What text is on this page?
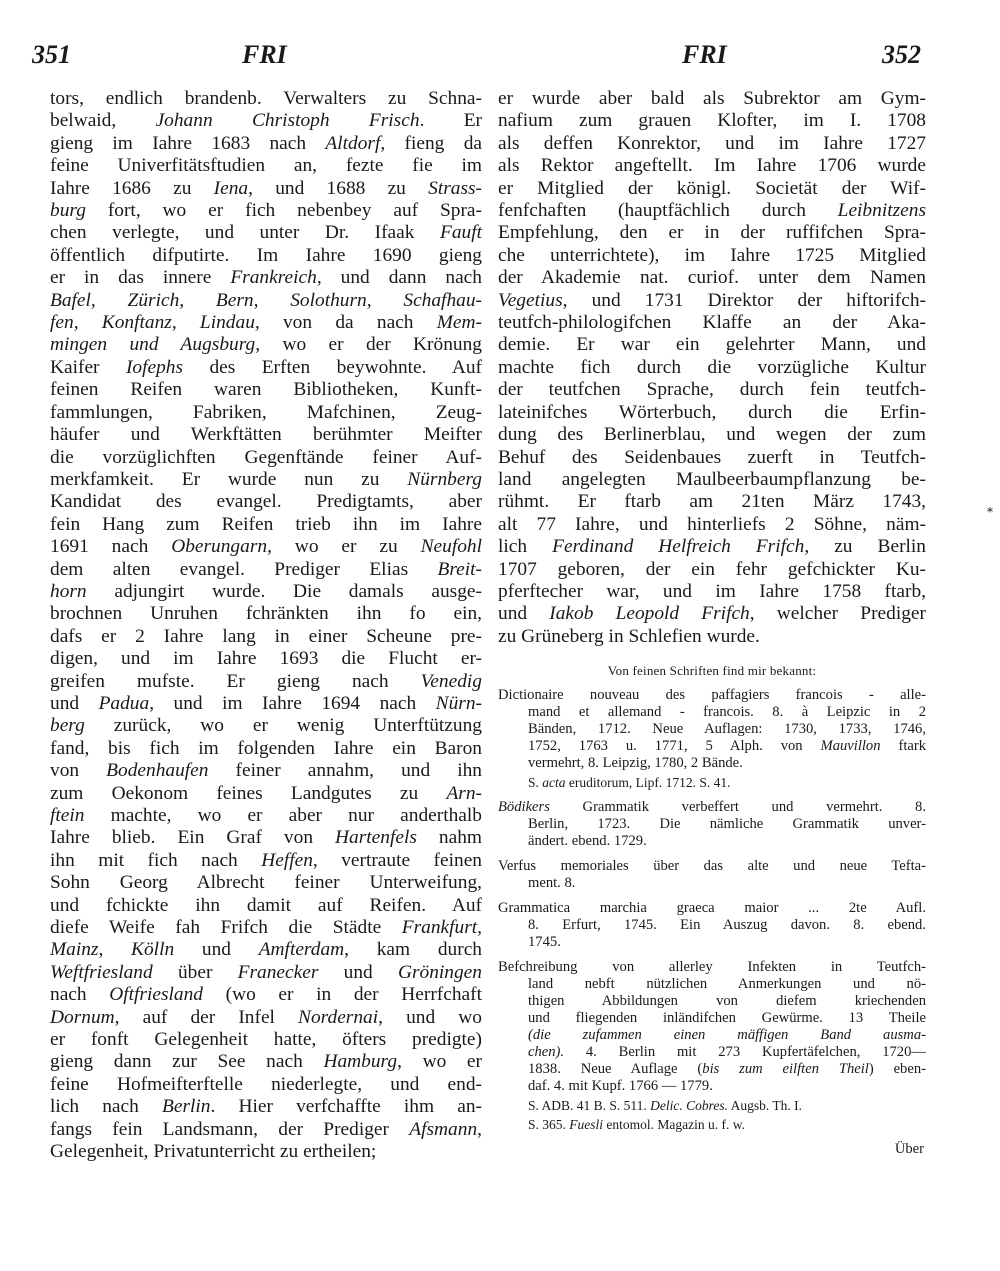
351	FRI	FRI	352
tors, endlich brandenb. Verwalters zu Schna-
belwaid, Johann Christoph Frisch. Er
gieng im Iahre 1683 nach Altdorf, fieng da
feine Univerfitätsftudien an, fezte fie im
Iahre 1686 zu Iena, und 1688 zu Strass-
burg fort, wo er fich nebenbey auf Spra-
chen verlegte, und unter Dr. Ifaak Fauft
öffentlich difputirte. Im Iahre 1690 gieng
er in das innere Frankreich, und dann nach
Bafel, Zürich, Bern, Solothurn, Schafhau-
fen, Konftanz, Lindau, von da nach Mem-
mingen und Augsburg, wo er der Krönung
Kaifer Iofephs des Erften beywohnte. Auf
feinen Reifen waren Bibliotheken, Kunft-
fammlungen, Fabriken, Mafchinen, Zeug-
häufer und Werkftätten berühmter Meifter
die vorzüglichften Gegenftände feiner Auf-
merkfamkeit. Er wurde nun zu Nürnberg
Kandidat des evangel. Predigtamts, aber
fein Hang zum Reifen trieb ihn im Iahre
1691 nach Oberungarn, wo er zu Neufohl
dem alten evangel. Prediger Elias Breit-
horn adjungirt wurde. Die damals ausge-
brochnen Unruhen fchränkten ihn fo ein,
dafs er 2 Iahre lang in einer Scheune pre-
digen, und im Iahre 1693 die Flucht er-
greifen mufste. Er gieng nach Venedig
und Padua, und im Iahre 1694 nach Nürn-
berg zurück, wo er wenig Unterftützung
fand, bis fich im folgenden Iahre ein Baron
von Bodenhaufen feiner annahm, und ihn
zum Oekonom feines Landgutes zu Arn-
ftein machte, wo er aber nur anderthalb
Iahre blieb. Ein Graf von Hartenfels nahm
ihn mit fich nach Heffen, vertraute feinen
Sohn Georg Albrecht feiner Unterweifung,
und fchickte ihn damit auf Reifen. Auf
diefe Weife fah Frifch die Städte Frankfurt,
Mainz, Kölln und Amfterdam, kam durch
Weftfriesland über Franecker und Gröningen
nach Oftfriesland (wo er in der Herrfchaft
Dornum, auf der Infel Nordernai, und wo
er fonft Gelegenheit hatte, öfters predigte)
gieng dann zur See nach Hamburg, wo er
feine Hofmeifterftelle niederlegte, und end-
lich nach Berlin. Hier verfchaffte ihm an-
fangs fein Landsmann, der Prediger Afsmann,
Gelegenheit, Privatunterricht zu ertheilen;
er wurde aber bald als Subrektor am Gym-
nafium zum grauen Klofter, im I. 1708
als deffen Konrektor, und im Iahre 1727
als Rektor angeftellt. Im Iahre 1706 wurde
er Mitglied der königl. Societät der Wif-
fenfchaften (hauptfächlich durch Leibnitzens
Empfehlung, den er in der ruffifchen Spra-
che unterrichtete), im Iahre 1725 Mitglied
der Akademie nat. curiof. unter dem Namen
Vegetius, und 1731 Direktor der hiftorifch-
teutfch-philologifchen Klaffe an der Aka-
demie. Er war ein gelehrter Mann, und
machte fich durch die vorzügliche Kultur
der teutfchen Sprache, durch fein teutfch-
lateinifches Wörterbuch, durch die Erfin-
dung des Berlinerblau, und wegen der zum
Behuf des Seidenbaues zuerft in Teutfch-
land angelegten Maulbeerbaumpflanzung be-
rühmt. Er ftarb am 21ten März 1743,
alt 77 Iahre, und hinterliefs 2 Söhne, näm-
lich Ferdinand Helfreich Frifch, zu Berlin
1707 geboren, der ein fehr gefchickter Ku-
pferftecher war, und im Iahre 1758 ftarb,
und Iakob Leopold Frifch, welcher Prediger
zu Grüneberg in Schlefien wurde.
Von feinen Schriften find mir bekannt:
Dictionaire nouveau des paffagiers francois - alle-
mand et allemand - francois. 8. à Leipzic in 2
Bänden, 1712. Neue Auflagen: 1730, 1733, 1746,
1752, 1763 u. 1771, 5 Alph. von Mauvillon ftark
vermehrt, 8. Leipzig, 1780, 2 Bände.
S. acta eruditorum, Lipf. 1712. S. 41.
Bödikers Grammatik verbeffert und vermehrt. 8.
Berlin, 1723. Die nämliche Grammatik unver-
ändert. ebend. 1729.
Verfus memoriales über das alte und neue Tefta-
ment. 8.
Grammatica marchia graeca maior ... 2te Aufl.
8. Erfurt, 1745. Ein Auszug davon. 8. ebend.
1745.
Befchreibung von allerley Infekten in Teutfch-
land nebft nützlichen Anmerkungen und nö-
thigen Abbildungen von diefem kriechenden
und fliegenden inländifchen Gewürme. 13 Theile
(die zufammen einen mäffigen Band ausma-
chen). 4. Berlin mit 273 Kupfertäfelchen, 1720—
1838. Neue Auflage (bis zum eilften Theil) eben-
daf. 4. mit Kupf. 1766 — 1779.
S. ADB. 41 B. S. 511. Delic. Cobres. Augsb. Th. I.
S. 365. Fuesli entomol. Magazin u. f. w.
Über
*
